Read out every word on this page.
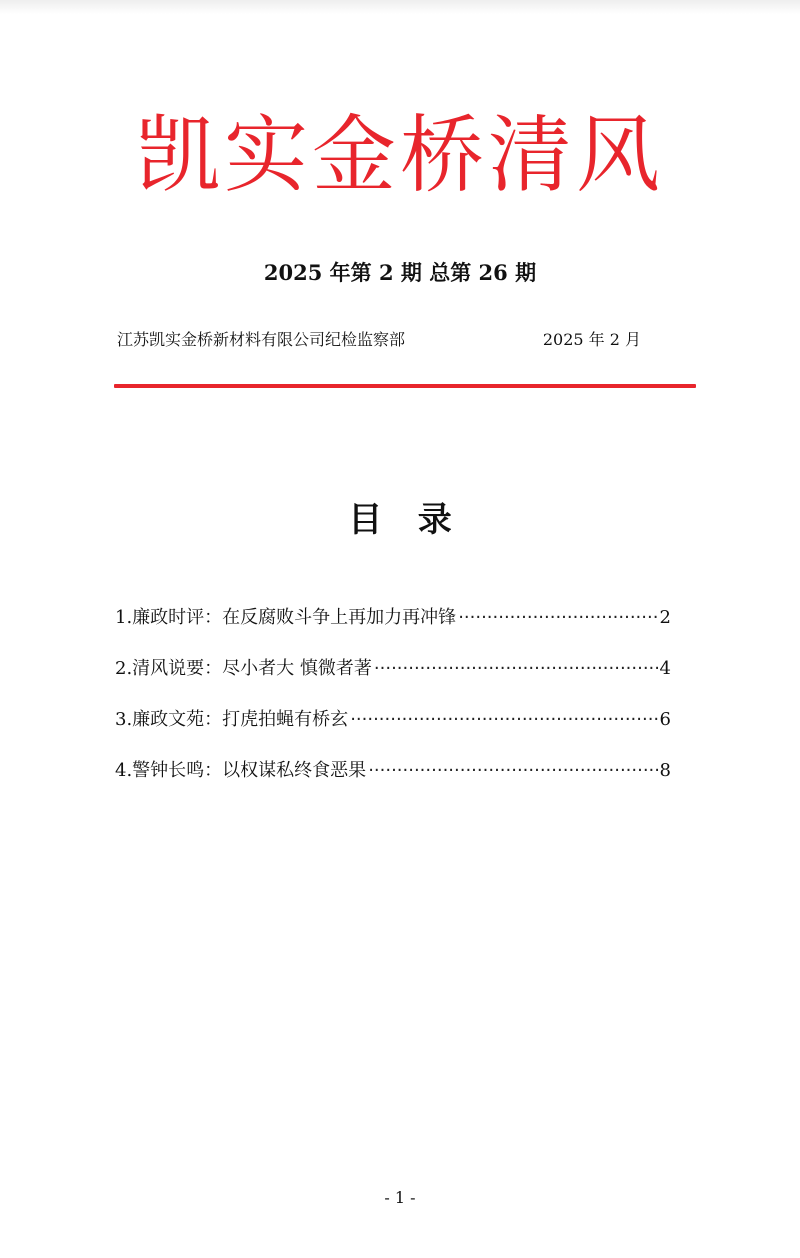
凯实金桥清风
2025 年第 2 期 总第 26 期
江苏凯实金桥新材料有限公司纪检监察部	2025 年 2 月
目   录
1.廉政时评：在反腐败斗争上再加力再冲锋 ·····	2
2.清风说要：尽小者大 慎微者著 ·····	4
3.廉政文苑：打虎拍蝇有桥玄 ·····	6
4.警钟长鸣：以权谋私终食恶果 ·····	8
- 1 -
